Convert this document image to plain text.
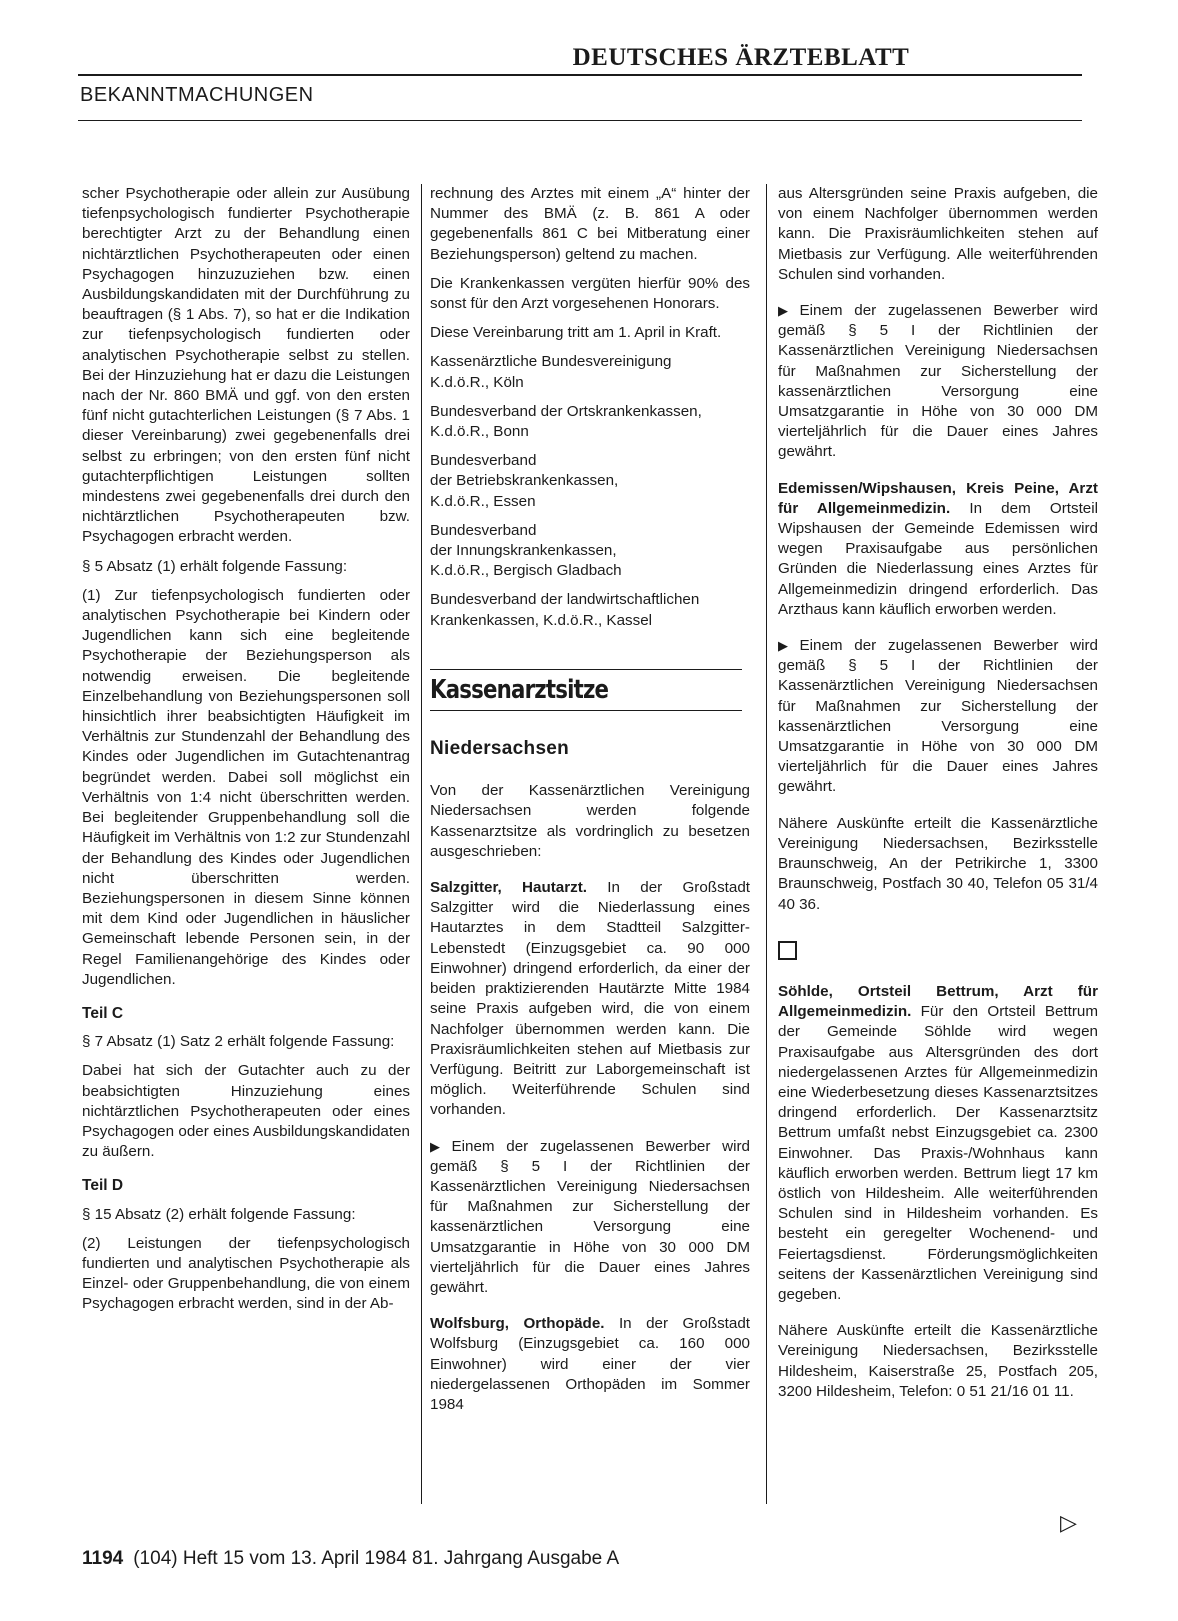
DEUTSCHES ÄRZTEBLATT
BEKANNTMACHUNGEN

scher Psychotherapie oder allein zur Ausübung tiefenpsychologisch fundierter Psychotherapie berechtigter Arzt zu der Behandlung einen nichtärztlichen Psychotherapeuten oder einen Psychagogen hinzuzuziehen bzw. einen Ausbildungskandidaten mit der Durchführung zu beauftragen (§ 1 Abs. 7), so hat er die Indikation zur tiefenpsychologisch fundierten oder analytischen Psychotherapie selbst zu stellen. Bei der Hinzuziehung hat er dazu die Leistungen nach der Nr. 860 BMÄ und ggf. von den ersten fünf nicht gutachterlichen Leistungen (§ 7 Abs. 1 dieser Vereinbarung) zwei gegebenenfalls drei selbst zu erbringen; von den ersten fünf nicht gutachterpflichtigen Leistungen sollten mindestens zwei gegebenenfalls drei durch den nichtärztlichen Psychotherapeuten bzw. Psychagogen erbracht werden.

§ 5 Absatz (1) erhält folgende Fassung:

(1) Zur tiefenpsychologisch fundierten oder analytischen Psychotherapie bei Kindern oder Jugendlichen kann sich eine begleitende Psychotherapie der Beziehungsperson als notwendig erweisen. Die begleitende Einzelbehandlung von Beziehungspersonen soll hinsichtlich ihrer beabsichtigten Häufigkeit im Verhältnis zur Stundenzahl der Behandlung des Kindes oder Jugendlichen im Gutachtenantrag begründet werden. Dabei soll möglichst ein Verhältnis von 1:4 nicht überschritten werden. Bei begleitender Gruppenbehandlung soll die Häufigkeit im Verhältnis von 1:2 zur Stundenzahl der Behandlung des Kindes oder Jugendlichen nicht überschritten werden. Beziehungspersonen in diesem Sinne können mit dem Kind oder Jugendlichen in häuslicher Gemeinschaft lebende Personen sein, in der Regel Familienangehörige des Kindes oder Jugendlichen.

Teil C

§ 7 Absatz (1) Satz 2 erhält folgende Fassung:

Dabei hat sich der Gutachter auch zu der beabsichtigten Hinzuziehung eines nichtärztlichen Psychotherapeuten oder eines Psychagogen oder eines Ausbildungskandidaten zu äußern.

Teil D

§ 15 Absatz (2) erhält folgende Fassung:

(2) Leistungen der tiefenpsychologisch fundierten und analytischen Psychotherapie als Einzel- oder Gruppenbehandlung, die von einem Psychagogen erbracht werden, sind in der Ab-

rechnung des Arztes mit einem „A“ hinter der Nummer des BMÄ (z. B. 861 A oder gegebenenfalls 861 C bei Mitberatung einer Beziehungsperson) geltend zu machen.

Die Krankenkassen vergüten hierfür 90% des sonst für den Arzt vorgesehenen Honorars.

Diese Vereinbarung tritt am 1. April in Kraft.

Kassenärztliche Bundesvereinigung
K.d.ö.R., Köln

Bundesverband der Ortskrankenkassen,
K.d.ö.R., Bonn

Bundesverband
der Betriebskrankenkassen,
K.d.ö.R., Essen

Bundesverband
der Innungskrankenkassen,
K.d.ö.R., Bergisch Gladbach

Bundesverband der landwirtschaftlichen
Krankenkassen, K.d.ö.R., Kassel

Kassenarztsitze
Niedersachsen

Von der Kassenärztlichen Vereinigung Niedersachsen werden folgende Kassenarztsitze als vordringlich zu besetzen ausgeschrieben:

Salzgitter, Hautarzt. In der Großstadt Salzgitter wird die Niederlassung eines Hautarztes in dem Stadtteil Salzgitter-Lebenstedt (Einzugsgebiet ca. 90 000 Einwohner) dringend erforderlich, da einer der beiden praktizierenden Hautärzte Mitte 1984 seine Praxis aufgeben wird, die von einem Nachfolger übernommen werden kann. Die Praxisräumlichkeiten stehen auf Mietbasis zur Verfügung. Beitritt zur Laborgemeinschaft ist möglich. Weiterführende Schulen sind vorhanden.

▶ Einem der zugelassenen Bewerber wird gemäß § 5 I der Richtlinien der Kassenärztlichen Vereinigung Niedersachsen für Maßnahmen zur Sicherstellung der kassenärztlichen Versorgung eine Umsatzgarantie in Höhe von 30 000 DM vierteljährlich für die Dauer eines Jahres gewährt.

Wolfsburg, Orthopäde. In der Großstadt Wolfsburg (Einzugsgebiet ca. 160 000 Einwohner) wird einer der vier niedergelassenen Orthopäden im Sommer 1984

aus Altersgründen seine Praxis aufgeben, die von einem Nachfolger übernommen werden kann. Die Praxisräumlichkeiten stehen auf Mietbasis zur Verfügung. Alle weiterführenden Schulen sind vorhanden.

▶ Einem der zugelassenen Bewerber wird gemäß § 5 I der Richtlinien der Kassenärztlichen Vereinigung Niedersachsen für Maßnahmen zur Sicherstellung der kassenärztlichen Versorgung eine Umsatzgarantie in Höhe von 30 000 DM vierteljährlich für die Dauer eines Jahres gewährt.

Edemissen/Wipshausen, Kreis Peine, Arzt für Allgemeinmedizin. In dem Ortsteil Wipshausen der Gemeinde Edemissen wird wegen Praxisaufgabe aus persönlichen Gründen die Niederlassung eines Arztes für Allgemeinmedizin dringend erforderlich. Das Arzthaus kann käuflich erworben werden.

▶ Einem der zugelassenen Bewerber wird gemäß § 5 I der Richtlinien der Kassenärztlichen Vereinigung Niedersachsen für Maßnahmen zur Sicherstellung der kassenärztlichen Versorgung eine Umsatzgarantie in Höhe von 30 000 DM vierteljährlich für die Dauer eines Jahres gewährt.

Nähere Auskünfte erteilt die Kassenärztliche Vereinigung Niedersachsen, Bezirksstelle Braunschweig, An der Petrikirche 1, 3300 Braunschweig, Postfach 30 40, Telefon 05 31/4 40 36.

Söhlde, Ortsteil Bettrum, Arzt für Allgemeinmedizin. Für den Ortsteil Bettrum der Gemeinde Söhlde wird wegen Praxisaufgabe aus Altersgründen des dort niedergelassenen Arztes für Allgemeinmedizin eine Wiederbesetzung dieses Kassenarztsitzes dringend erforderlich. Der Kassenarztsitz Bettrum umfaßt nebst Einzugsgebiet ca. 2300 Einwohner. Das Praxis-/Wohnhaus kann käuflich erworben werden. Bettrum liegt 17 km östlich von Hildesheim. Alle weiterführenden Schulen sind in Hildesheim vorhanden. Es besteht ein geregelter Wochenend- und Feiertagsdienst. Förderungsmöglichkeiten seitens der Kassenärztlichen Vereinigung sind gegeben.

Nähere Auskünfte erteilt die Kassenärztliche Vereinigung Niedersachsen, Bezirksstelle Hildesheim, Kaiserstraße 25, Postfach 205, 3200 Hildesheim, Telefon: 0 51 21/16 01 11.

▷
1194 (104) Heft 15 vom 13. April 1984 81. Jahrgang Ausgabe A
